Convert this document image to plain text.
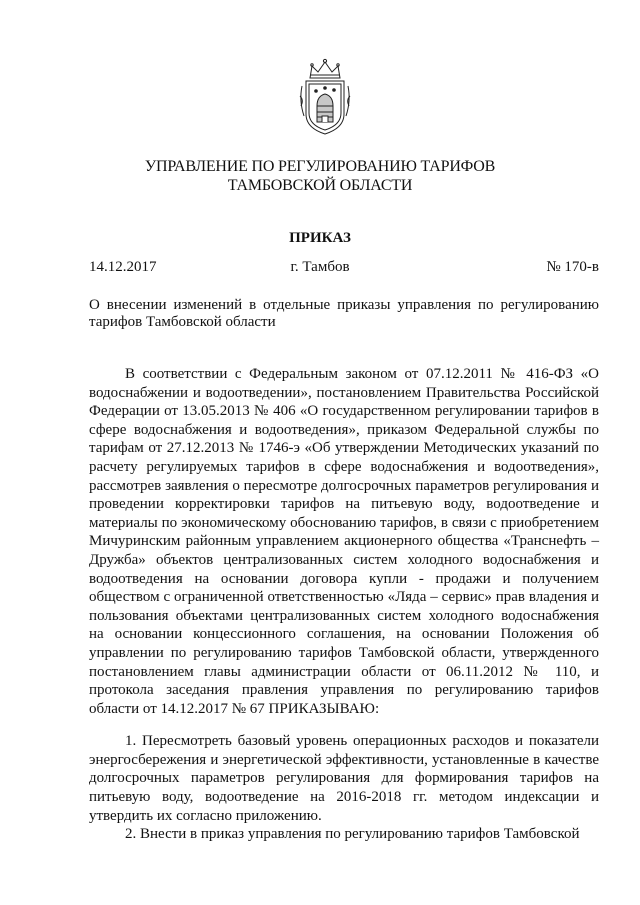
УПРАВЛЕНИЕ ПО РЕГУЛИРОВАНИЮ ТАРИФОВ
ТАМБОВСКОЙ ОБЛАСТИ
ПРИКАЗ
14.12.2017	г. Тамбов	№ 170-в
О внесении изменений в отдельные приказы управления по регулированию тарифов Тамбовской области

В соответствии с Федеральным законом от 07.12.2011 № 416-ФЗ «О водоснабжении и водоотведении», постановлением Правительства Российской Федерации от 13.05.2013 № 406 «О государственном регулировании тарифов в сфере водоснабжения и водоотведения», приказом Федеральной службы по тарифам от 27.12.2013 № 1746-э «Об утверждении Методических указаний по расчету регулируемых тарифов в сфере водоснабжения и водоотведения», рассмотрев заявления о пересмотре долгосрочных параметров регулирования и проведении корректировки тарифов на питьевую воду, водоотведение и материалы по экономическому обоснованию тарифов, в связи с приобретением Мичуринским районным управлением акционерного общества «Транснефть – Дружба» объектов централизованных систем холодного водоснабжения и водоотведения на основании договора купли - продажи и получением обществом с ограниченной ответственностью «Лядa – сервис» прав владения и пользования объектами централизованных систем холодного водоснабжения на основании концессионного соглашения, на основании Положения об управлении по регулированию тарифов Тамбовской области, утвержденного постановлением главы администрации области от 06.11.2012 № 110, и протокола заседания правления управления по регулированию тарифов области от 14.12.2017 № 67 ПРИКАЗЫВАЮ:

1. Пересмотреть базовый уровень операционных расходов и показатели энергосбережения и энергетической эффективности, установленные в качестве долгосрочных параметров регулирования для формирования тарифов на питьевую воду, водоотведение на 2016-2018 гг. методом индексации и утвердить их согласно приложению.

2. Внести в приказ управления по регулированию тарифов Тамбовской
